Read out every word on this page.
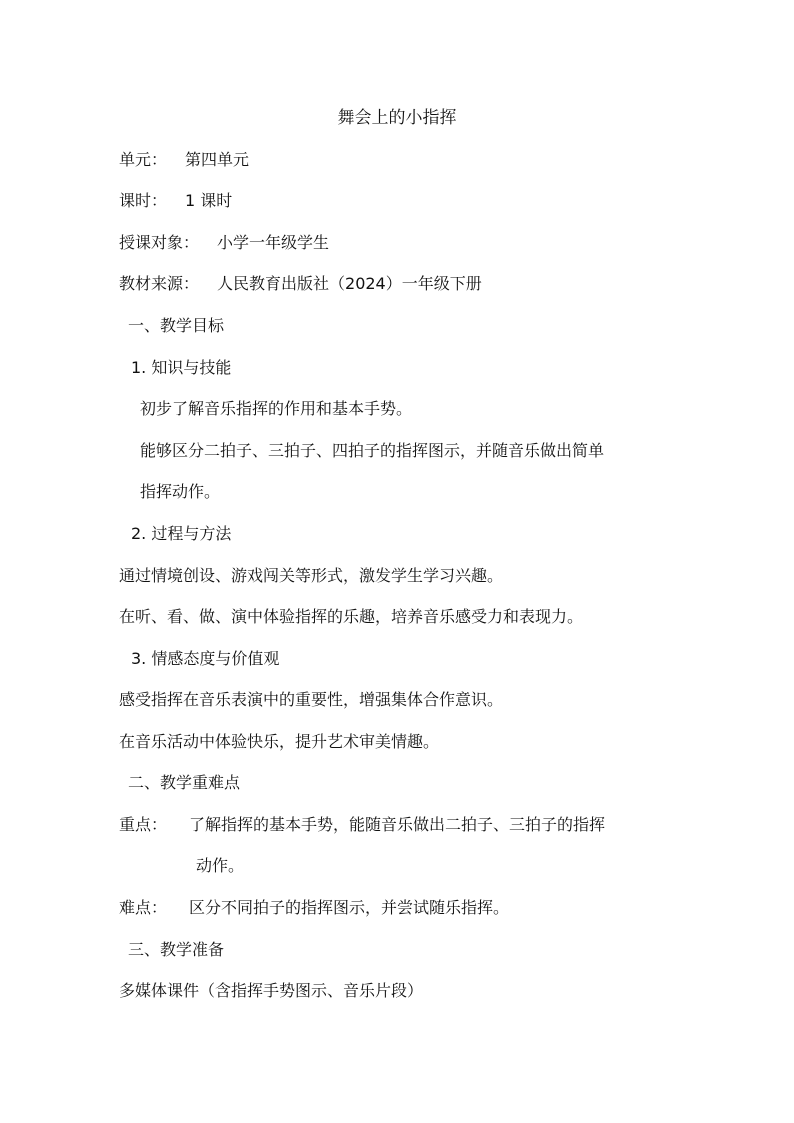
舞会上的小指挥
单元： 第四单元
课时： 1 课时
授课对象： 小学一年级学生
教材来源： 人民教育出版社（2024）一年级下册
一、教学目标
1. 知识与技能
初步了解音乐指挥的作用和基本手势。
能够区分二拍子、三拍子、四拍子的指挥图示，并随音乐做出简单
指挥动作。
2. 过程与方法
通过情境创设、游戏闯关等形式，激发学生学习兴趣。
在听、看、做、演中体验指挥的乐趣，培养音乐感受力和表现力。
3. 情感态度与价值观
感受指挥在音乐表演中的重要性，增强集体合作意识。
在音乐活动中体验快乐，提升艺术审美情趣。
二、教学重难点
重点： 了解指挥的基本手势，能随音乐做出二拍子、三拍子的指挥
动作。
难点： 区分不同拍子的指挥图示，并尝试随乐指挥。
三、教学准备
多媒体课件（含指挥手势图示、音乐片段）
